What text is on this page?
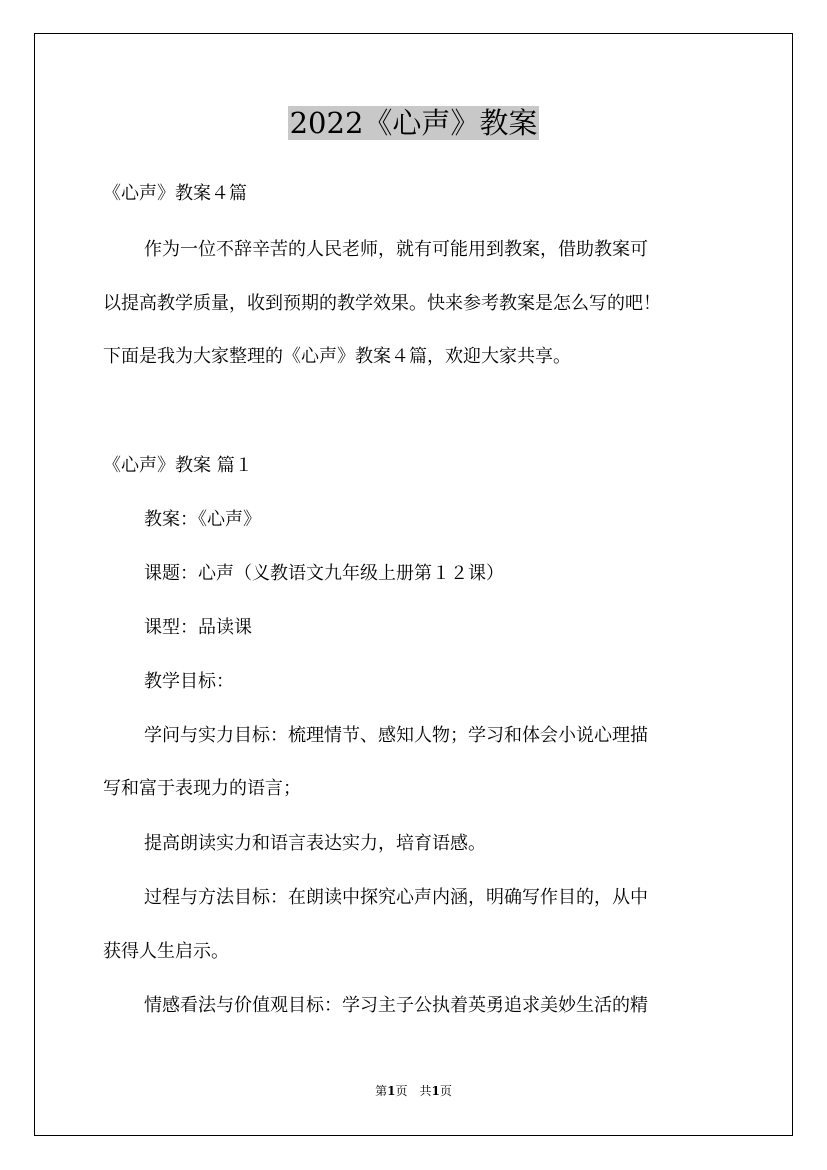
2022《心声》教案
《心声》教案４篇
作为一位不辞辛苦的人民老师，就有可能用到教案，借助教案可
以提高教学质量，收到预期的教学效果。快来参考教案是怎么写的吧！
下面是我为大家整理的《心声》教案４篇，欢迎大家共享。
《心声》教案 篇１
教案：《心声》
课题：心声（义教语文九年级上册第１２课）
课型：品读课
教学目标：
学问与实力目标：梳理情节、感知人物；学习和体会小说心理描
写和富于表现力的语言；
提高朗读实力和语言表达实力，培育语感。
过程与方法目标：在朗读中探究心声内涵，明确写作目的，从中
获得人生启示。
情感看法与价值观目标：学习主子公执着英勇追求美妙生活的精
第1页　共1页
